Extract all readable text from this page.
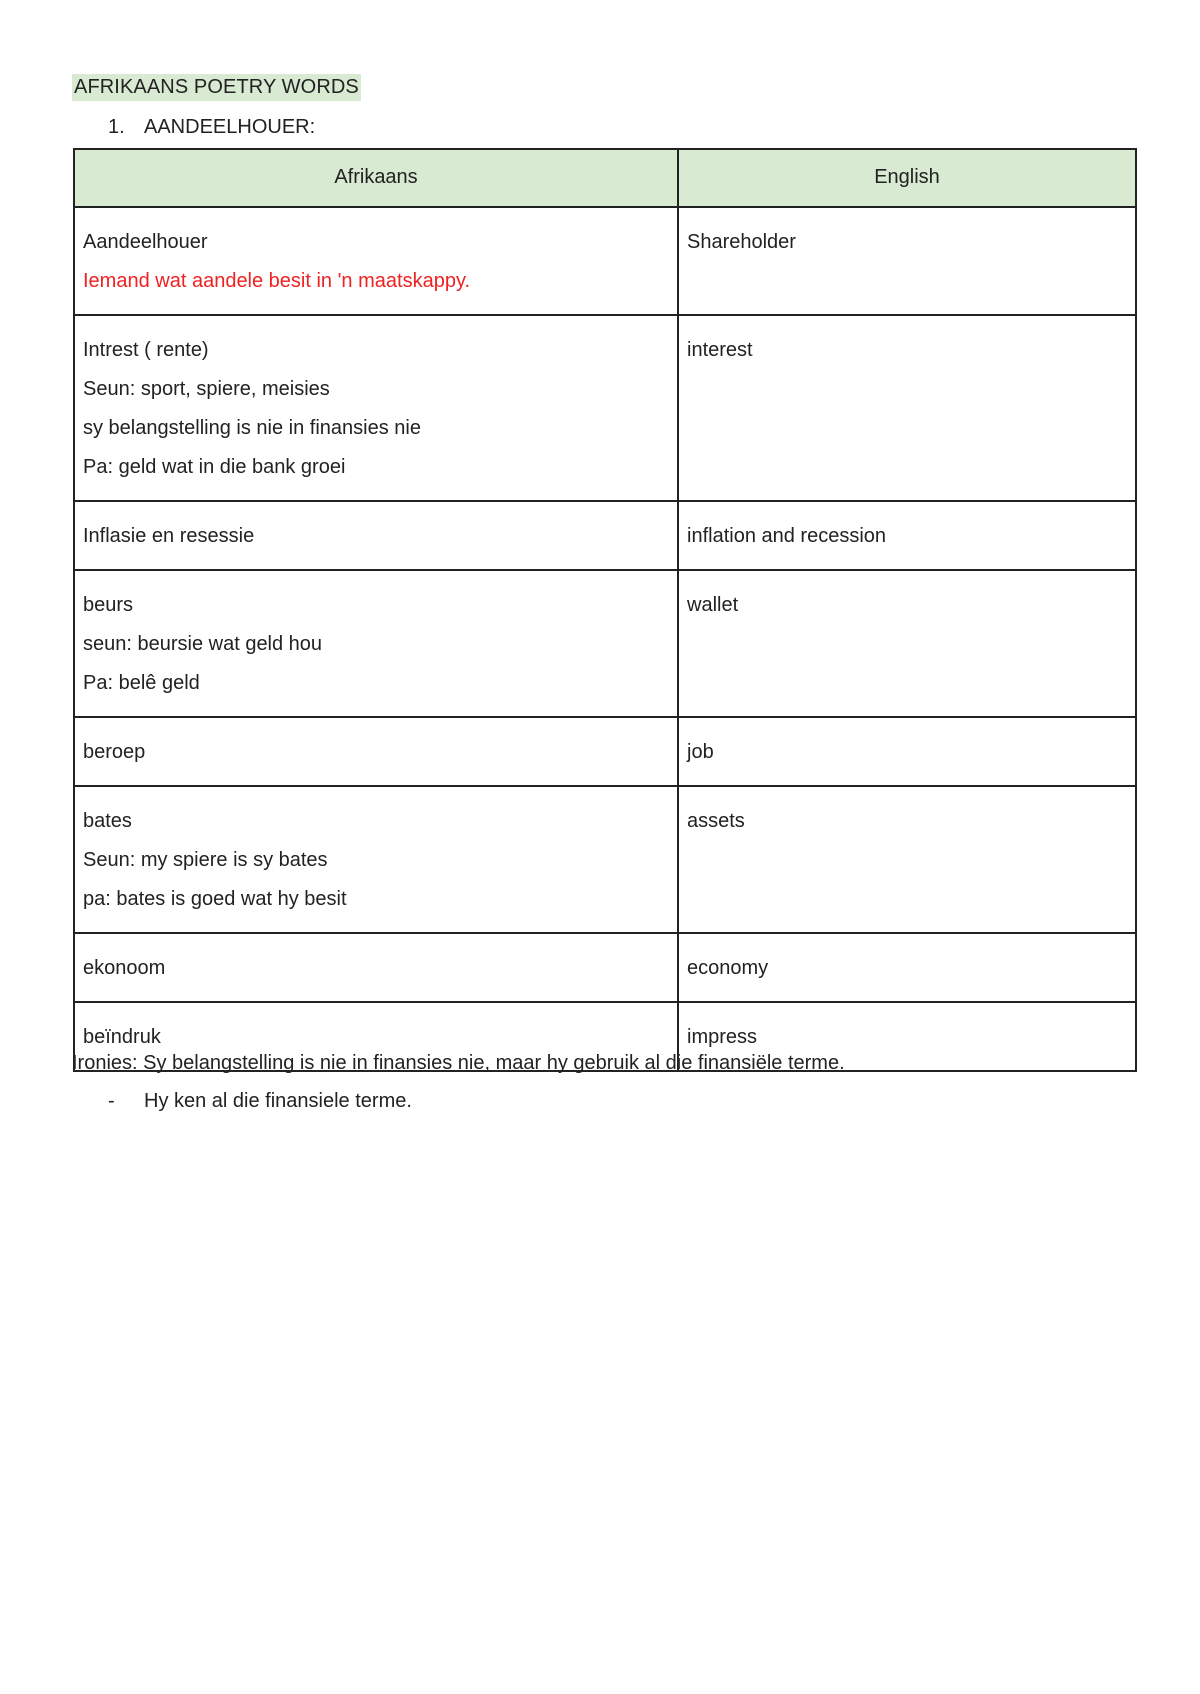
AFRIKAANS POETRY WORDS
1. AANDEELHOUER:
Afrikaans	English

Aandeelhouer
Iemand wat aandele besit in 'n maatskappy.	Shareholder

Intrest ( rente)
Seun: sport, spiere, meisies
sy belangstelling is nie in finansies nie
Pa: geld wat in die bank groei	interest

Inflasie en resessie	inflation and recession

beurs
seun: beursie wat geld hou
Pa: belê geld	wallet

beroep	job

bates
Seun: my spiere is sy bates
pa: bates is goed wat hy besit	assets

ekonoom	economy

beïndruk	impress
Ironies: Sy belangstelling is nie in finansies nie, maar hy gebruik al die finansiële terme.
-	Hy ken al die finansiele terme.
